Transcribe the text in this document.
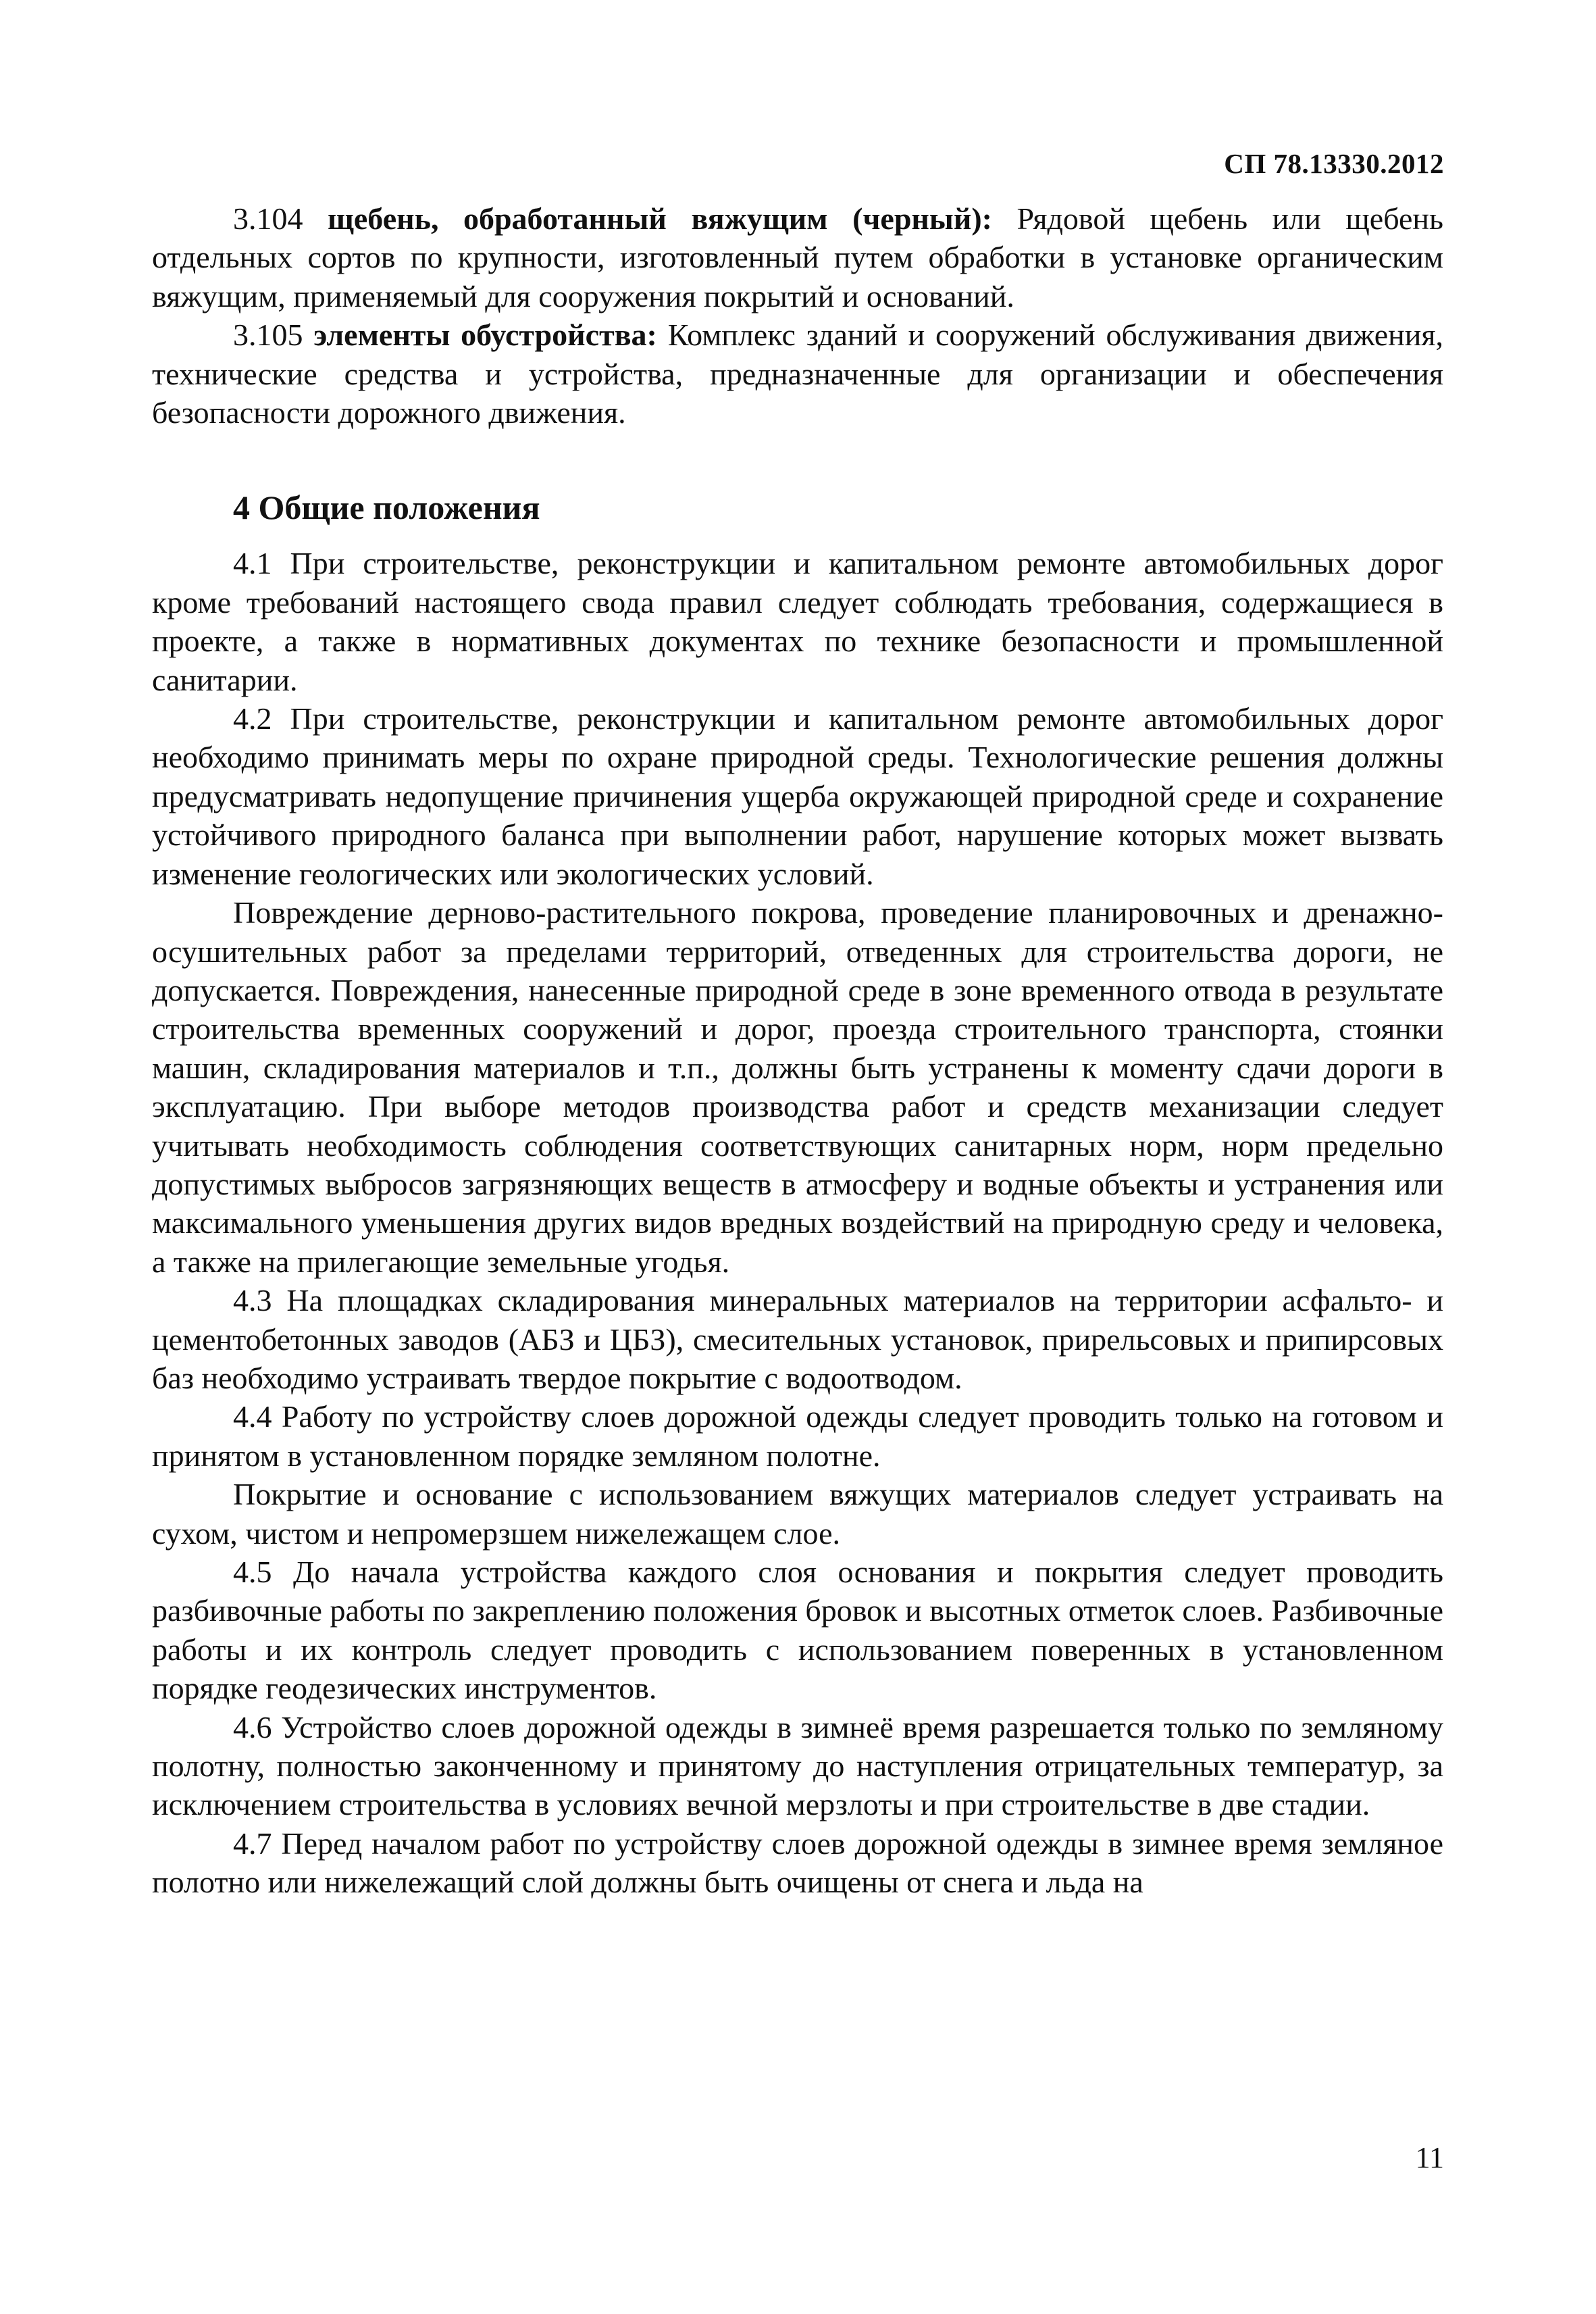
СП 78.13330.2012

3.104 щебень, обработанный вяжущим (черный): Рядовой щебень или щебень отдельных сортов по крупности, изготовленный путем обработки в установке органическим вяжущим, применяемый для сооружения покрытий и оснований.

3.105 элементы обустройства: Комплекс зданий и сооружений обслуживания движения, технические средства и устройства, предназначенные для организации и обеспечения безопасности дорожного движения.

4 Общие положения

4.1 При строительстве, реконструкции и капитальном ремонте автомобильных дорог кроме требований настоящего свода правил следует соблюдать требования, содержащиеся в проекте, а также в нормативных документах по технике безопасности и промышленной санитарии.

4.2 При строительстве, реконструкции и капитальном ремонте автомобильных дорог необходимо принимать меры по охране природной среды. Технологические решения должны предусматривать недопущение причинения ущерба окружающей природной среде и сохранение устойчивого природного баланса при выполнении работ, нарушение которых может вызвать изменение геологических или экологических условий.

Повреждение дерново-растительного покрова, проведение планировочных и дренажно-осушительных работ за пределами территорий, отведенных для строительства дороги, не допускается. Повреждения, нанесенные природной среде в зоне временного отвода в результате строительства временных сооружений и дорог, проезда строительного транспорта, стоянки машин, складирования материалов и т.п., должны быть устранены к моменту сдачи дороги в эксплуатацию. При выборе методов производства работ и средств механизации следует учитывать необходимость соблюдения соответствующих санитарных норм, норм предельно допустимых выбросов загрязняющих веществ в атмосферу и водные объекты и устранения или максимального уменьшения других видов вредных воздействий на природную среду и человека, а также на прилегающие земельные угодья.

4.3 На площадках складирования минеральных материалов на территории асфальто- и цементобетонных заводов (АБЗ и ЦБЗ), смесительных установок, прирельсовых и припирсовых баз необходимо устраивать твердое покрытие с водоотводом.

4.4 Работу по устройству слоев дорожной одежды следует проводить только на готовом и принятом в установленном порядке земляном полотне.

Покрытие и основание с использованием вяжущих материалов следует устраивать на сухом, чистом и непромерзшем нижележащем слое.

4.5 До начала устройства каждого слоя основания и покрытия следует проводить разбивочные работы по закреплению положения бровок и высотных отметок слоев. Разбивочные работы и их контроль следует проводить с использованием поверенных в установленном порядке геодезических инструментов.

4.6 Устройство слоев дорожной одежды в зимнеё время разрешается только по земляному полотну, полностью законченному и принятому до наступления отрицательных температур, за исключением строительства в условиях вечной мерзлоты и при строительстве в две стадии.

4.7 Перед началом работ по устройству слоев дорожной одежды в зимнее время земляное полотно или нижележащий слой должны быть очищены от снега и льда на

11
